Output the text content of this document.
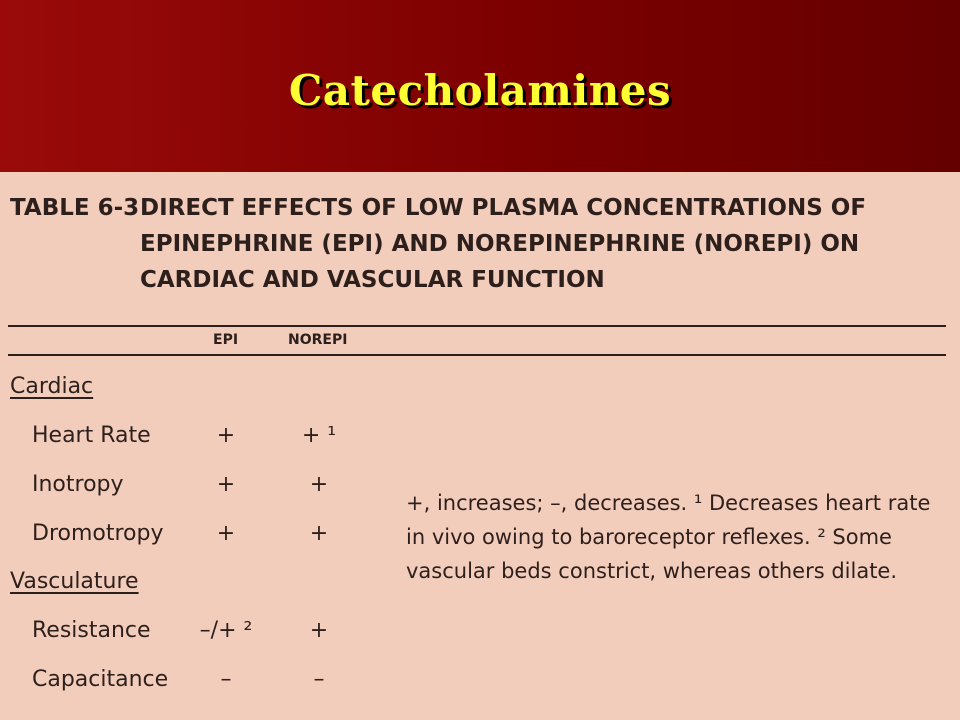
Catecholamines
TABLE 6-3 DIRECT EFFECTS OF LOW PLASMA CONCENTRATIONS OF EPINEPHRINE (EPI) AND NOREPINEPHRINE (NOREPI) ON CARDIAC AND VASCULAR FUNCTION
EPI	NOREPI
Cardiac
Heart Rate	+	+ ¹
Inotropy	+	+
Dromotropy	+	+
Vasculature
Resistance	–/+ ²	+
Capacitance	–	–
+, increases; –, decreases. ¹ Decreases heart rate in vivo owing to baroreceptor reflexes. ² Some vascular beds constrict, whereas others dilate.
